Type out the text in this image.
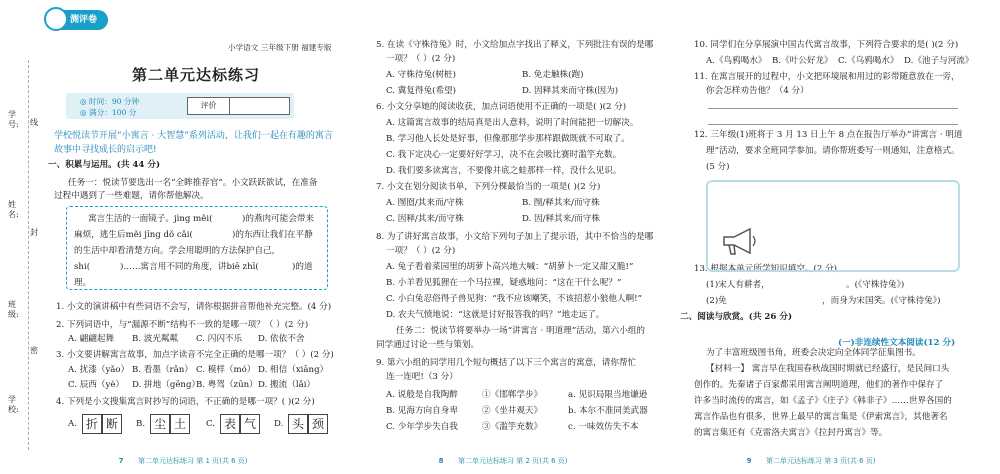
学号:
姓名:
班级:
学校:
线
封
密
测评卷
小学语文 三年级下册 福建专版
第二单元达标练习
◎ 时间：90 分钟
◎ 满分：100 分
评价
学校悦读节开展“小寓言 · 大智慧”系列活动，让我们一起在有趣的寓言
故事中寻找成长的启示吧!
一、积累与运用。(共 44 分)
任务一：悦读节要选出一名“全眸推荐官”。小文跃跃欲试，在准备
过程中遇到了一些难题，请你帮他解决。
寓言生活的一面镜子。jìng měi(	)的燕肉可能会带来
麻烦，逃生后měi jīng dǒ cǎi(	)的东西让我们在平静
的生活中却看清楚方向。学会用聪明的方法保护自己，
shi(	)……寓言用不同的角度，讲biē zhī(	)的道
理。
1. 小文的演讲稿中有些词语不会写，请你根据拼音帮他补充完整。(4 分)
2. 下列词语中，与“漏源不断”结构不一致的是哪一项？（ ）(2 分)
A. 翩翩起舞 B. 波光粼粼 C. 闪闪不乐 D. 依依不舍
3. 小文要讲解寓言故事，加点字读音不完全正确的是哪一项？（ ）(2 分)
A. 扰漆（yǎo） B. 看墨（rǎn） C. 模样（mó） D. 相信（xiāng）
C. 辰西（yè） D. 拼地（gēng）
B. 粤驾（zūn） D. 搬流（lǎi）
4. 下列是小文搜集寓言时抄写的词语，不正确的是哪一项？( )(2 分)
A. 折 断	B. 尘 土	C. 表 气	D. 头 颈
7 第二单元达标练习 第 1 页(共 6 页)
5. 在读《守株待兔》时，小文给加点字找出了释义，下列批注有误的是哪
一项？（ ）(2 分)
A. 守株待兔(树桩)	B. 免走触株(跑)
C. 冀复得兔(希望)	D. 因释其来而守株(因为)
6. 小文分享她的阅读收获，加点词语使用不正确的一项是( )(2 分)
A. 这篇寓言故事的结局真是出人意料，说明了时间能把一切解决。
B. 学习他人长处是好事，但像那那学步那样跟做既就不可取了。
C. 我下定决心一定要好好学习，决不在会吸比赛时滥竽充数。
D. 我们要多读寓言，不要像井底之蛙那样一样，没什么见识。
7. 小文在划分阅读书单，下列分棵最恰当的一项是( )(2 分)
A. 囫囵/其来而/守株	B. 囫/释其来/而守株
C. 因释/其来/而守株	D. 因/释其来/而守株
8. 为了讲好寓言故事，小文给下列句子加上了提示语，其中不恰当的是哪
一项？（ ）(2 分)
A. 兔子看着菜园里的胡萝卜高兴地大喊：“胡萝卜一定又甜又脆!”
B. 小羊看见狐狸在一个马拉裸，疑惑地问：“这在干什么呢？”
C. 小白兔忍俗得子兽见狗：“我不应该嘲笑，不该招惹小狼他人啊!”
D. 农夫气愤地说：“这就是讨好报答我的吗？”地走远了。
任务二：悦读节将要举办一场“讲寓言 · 明道理”活动，第六小组的
同学通过讨论一些与策划。
9. 第六小组的同学用几个短句概括了以下三个寓言的寓意，请你帮忙
连一连吧!（3 分）
A. 说般是自我陶醉	①《邯郸学步》	a. 见识局限当地谦逊
B. 见海方向自身卑	②《坐井观天》	b. 本尔不准同美武器
C. 少年学步失自我	③《滥竽充数》	c. 一味效仿失不本
8 第二单元达标练习 第 2 页(共 6 页)
10. 同学们在分享展演中国古代寓言故事，下列符合要求的是( )(2 分)
A.《鸟鸦喝水》 B.《叶公好龙》 C.《乌鸦喝水》 D.《池子与河流》
11. 在寓言展开的过程中，小文把环境展和用过的彩带随意放在一旁，
你会怎样劝告他？（4 分）
12. 三年级(1)班将于 3 月 13 日上午 8 点在报告厅举办“讲寓言 · 明道
理”活动，要求全班同学参加。请你帮班委写一则通知，注意格式。
(5 分)
13. 根据本单元所学知识填空。(2 分)
(1)宋人有耕者，	。(《守株待兔》)
(2)免	，而身为宋国笑。(《守株待兔》)
二、阅读与欣赏。(共 26 分)
为了丰富班级图书角，班委会决定向全体同学征集图书。
【材料一】 寓言早在我国春秋战国时期就已经盛行，是民间口头
创作的。先秦诸子百家都采用寓言阐明道理，他们的著作中保存了
许多当时流传的寓言，如《孟子》《庄子》《韩非子》……世界各国的
寓言作品也有很多，世界上最早的寓言集是《伊索寓言》，其他著名
的寓言集还有《克雷洛夫寓言》《拉封丹寓言》等。
9 第二单元达标练习 第 3 页(共 6 页)
(一)非连续性文本阅读(12 分)
